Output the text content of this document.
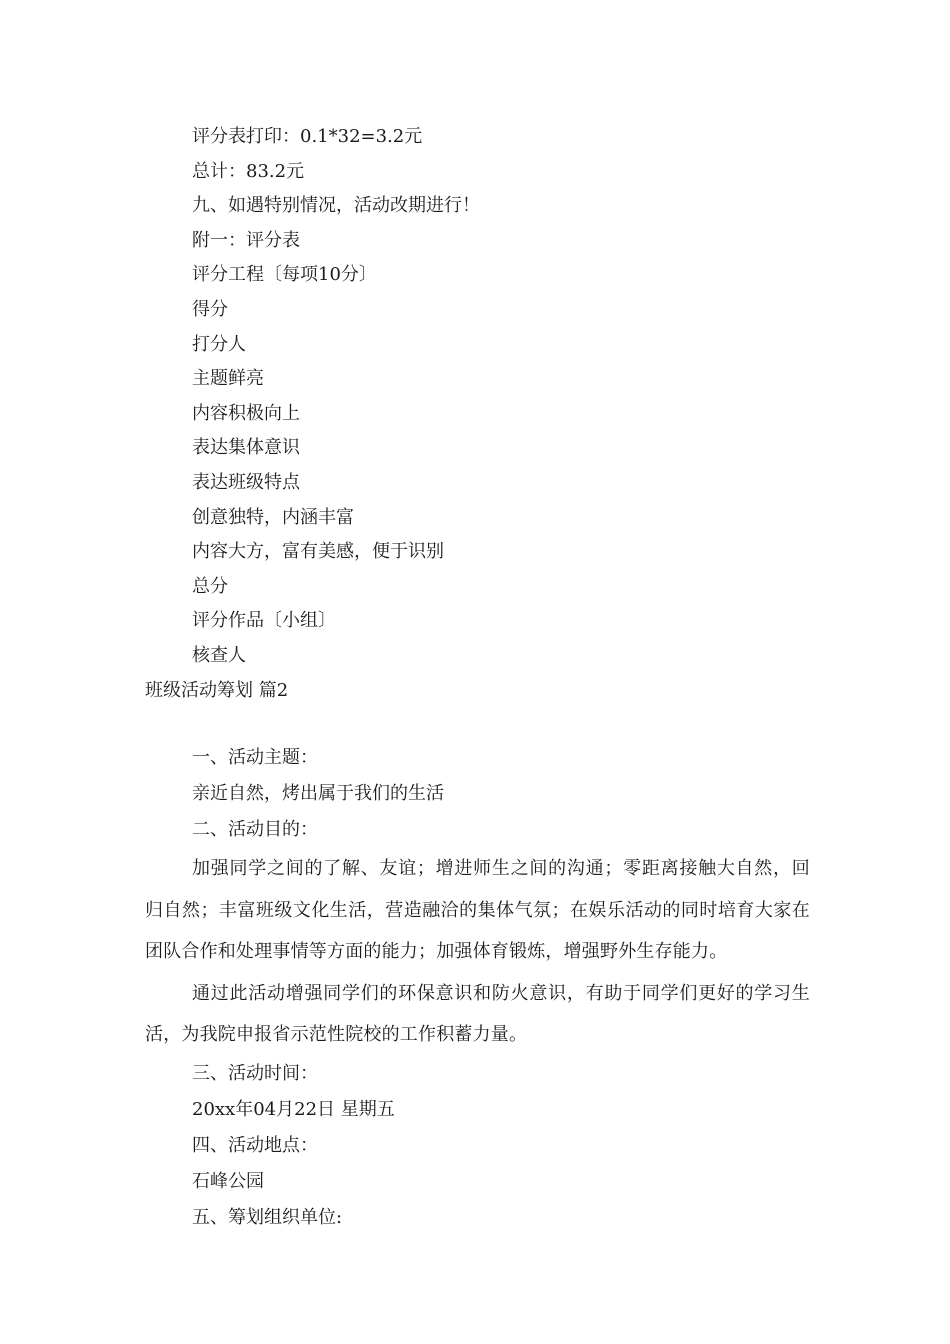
评分表打印：0.1*32=3.2元
总计：83.2元
九、如遇特别情况，活动改期进行！
附一：评分表
评分工程〔每项10分〕
得分
打分人
主题鲜亮
内容积极向上
表达集体意识
表达班级特点
创意独特，内涵丰富
内容大方，富有美感，便于识别
总分
评分作品〔小组〕
核查人
班级活动筹划 篇2
一、活动主题：
亲近自然，烤出属于我们的生活
二、活动目的：
加强同学之间的了解、友谊；增进师生之间的沟通；零距离接触大自然，回归自然；丰富班级文化生活，营造融洽的集体气氛；在娱乐活动的同时培育大家在团队合作和处理事情等方面的能力；加强体育锻炼，增强野外生存能力。
通过此活动增强同学们的环保意识和防火意识，有助于同学们更好的学习生活，为我院申报省示范性院校的工作积蓄力量。
三、活动时间：
20xx年04月22日 星期五
四、活动地点：
石峰公园
五、筹划组织单位:
